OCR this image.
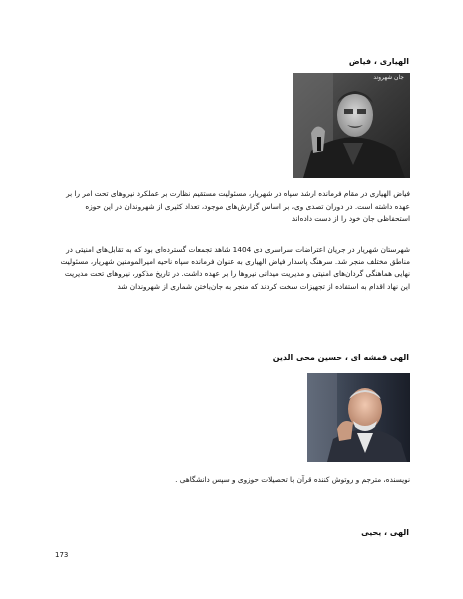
الهیاری ، فیاض
جان شهروند

فیاض الهیاری در مقام فرمانده ارشد سپاه در شهریار، مسئولیت مستقیم نظارت بر عملکرد نیروهای تحت امر را بر عهده داشته است. در دوران تصدی وی، بر اساس گزارش‌های موجود، تعداد کثیری از شهروندان در این حوزه استحفاظی جان خود را از دست داده‌اند

شهرستان شهریار در جریان اعتراضات سراسری دی 1404 شاهد تجمعات گسترده‌ای بود که به تقابل‌های امنیتی در مناطق مختلف منجر شد. سرهنگ پاسدار فیاض الهیاری به عنوان فرمانده سپاه ناحیه امیرالمومنین شهریار، مسئولیت نهایی هماهنگی گردان‌های امنیتی و مدیریت میدانی نیروها را بر عهده داشت. در تاریخ مذکور، نیروهای تحت مدیریت این نهاد اقدام به استفاده از تجهیزات سخت کردند که منجر به جان‌باختن شماری از شهروندان شد

الهی قمشه ای ، حسین محی الدین

نویسنده، مترجم و روتوش کننده قرآن با تحصیلات حوزوی و سپس دانشگاهی .

الهی ، یحیی
173
